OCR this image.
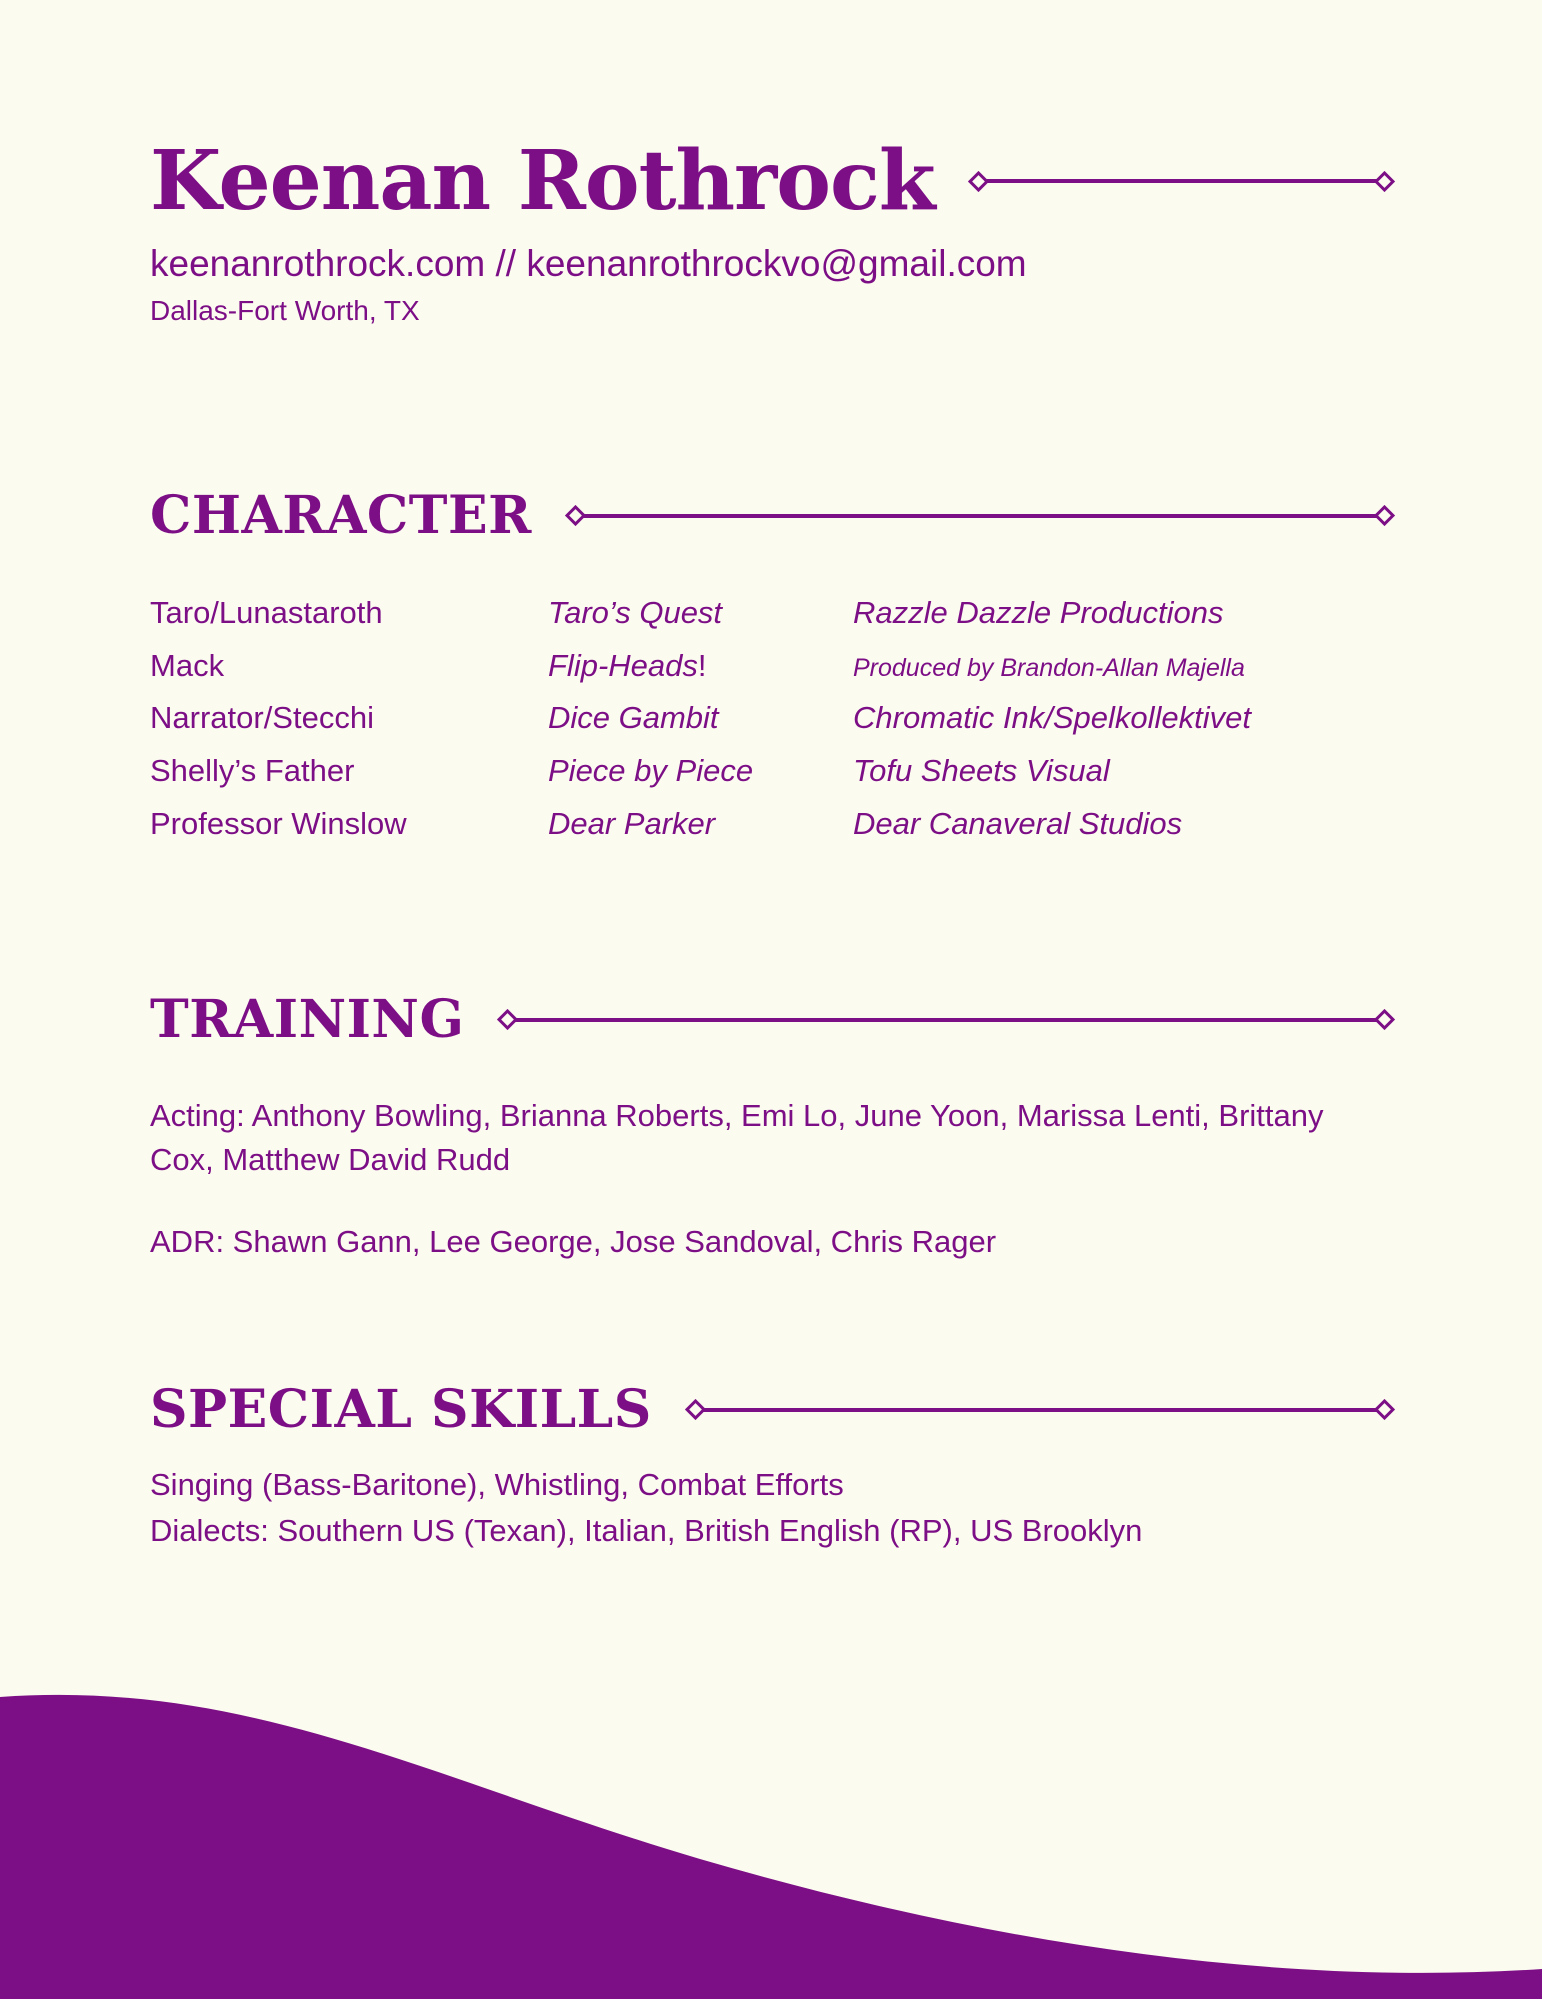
Keenan Rothrock
keenanrothrock.com // keenanrothrockvo@gmail.com
Dallas-Fort Worth, TX
CHARACTER
Taro/Lunastaroth	Taro’s Quest	Razzle Dazzle Productions
Mack	Flip-Heads!	Produced by Brandon-Allan Majella
Narrator/Stecchi	Dice Gambit	Chromatic Ink/Spelkollektivet
Shelly’s Father	Piece by Piece	Tofu Sheets Visual
Professor Winslow	Dear Parker	Dear Canaveral Studios
TRAINING
Acting: Anthony Bowling, Brianna Roberts, Emi Lo, June Yoon, Marissa Lenti, Brittany Cox, Matthew David Rudd
ADR: Shawn Gann, Lee George, Jose Sandoval, Chris Rager
SPECIAL SKILLS
Singing (Bass-Baritone), Whistling, Combat Efforts
Dialects: Southern US (Texan), Italian, British English (RP), US Brooklyn
